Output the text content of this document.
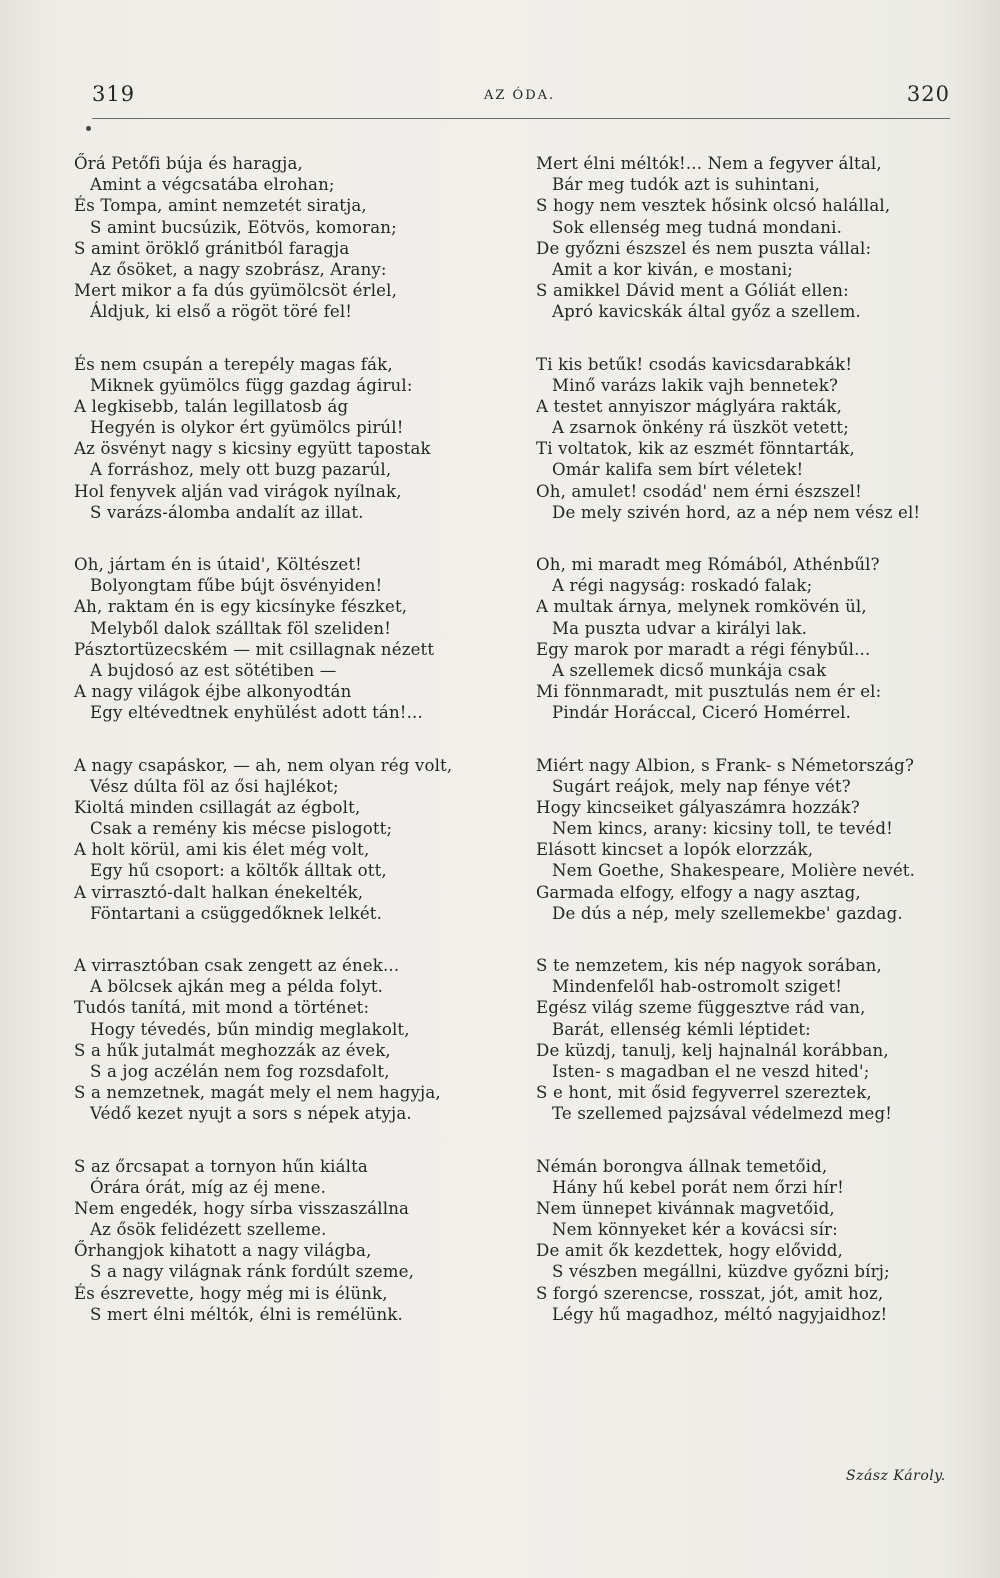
319	AZ ÓDA.	320
Őrá Petőfi búja és haragja,
Amint a végcsatába elrohan;
És Tompa, amint nemzetét siratja,
S amint bucsúzik, Eötvös, komoran;
S amint öröklő gránitból faragja
Az ősöket, a nagy szobrász, Arany:
Mert mikor a fa dús gyümölcsöt érlel,
Áldjuk, ki első a rögöt töré fel!
És nem csupán a terepély magas fák,
Miknek gyümölcs függ gazdag ágirul:
A legkisebb, talán legillatosb ág
Hegyén is olykor ért gyümölcs pirúl!
Az ösvényt nagy s kicsiny együtt tapostak
A forráshoz, mely ott buzg pazarúl,
Hol fenyvek alján vad virágok nyílnak,
S varázs-álomba andalít az illat.
Oh, jártam én is útaid', Költészet!
Bolyongtam fűbe bújt ösvényiden!
Ah, raktam én is egy kicsínyke fészket,
Melyből dalok szálltak föl szeliden!
Pásztortüzecském — mit csillagnak nézett
A bujdosó az est sötétiben —
A nagy világok éjbe alkonyodtán
Egy eltévedtnek enyhülést adott tán!...
A nagy csapáskor, — ah, nem olyan rég volt,
Vész dúlta föl az ősi hajlékot;
Kioltá minden csillagát az égbolt,
Csak a remény kis mécse pislogott;
A holt körül, ami kis élet még volt,
Egy hű csoport: a költők álltak ott,
A virrasztó-dalt halkan énekelték,
Föntartani a csüggedőknek lelkét.
A virrasztóban csak zengett az ének...
A bölcsek ajkán meg a példa folyt.
Tudós tanítá, mit mond a történet:
Hogy tévedés, bűn mindig meglakolt,
S a hűk jutalmát meghozzák az évek,
S a jog aczélán nem fog rozsdafolt,
S a nemzetnek, magát mely el nem hagyja,
Védő kezet nyujt a sors s népek atyja.
S az őrcsapat a tornyon hűn kiálta
Órára órát, míg az éj mene.
Nem engedék, hogy sírba visszaszállna
Az ősök felidézett szelleme.
Őrhangjok kihatott a nagy világba,
S a nagy világnak ránk fordúlt szeme,
És észrevette, hogy még mi is élünk,
S mert élni méltók, élni is remélünk.
Mert élni méltók!... Nem a fegyver által,
Bár meg tudók azt is suhintani,
S hogy nem vesztek hősink olcsó halállal,
Sok ellenség meg tudná mondani.
De győzni észszel és nem puszta vállal:
Amit a kor kiván, e mostani;
S amikkel Dávid ment a Góliát ellen:
Apró kavicskák által győz a szellem.
Ti kis betűk! csodás kavicsdarabkák!
Minő varázs lakik vajh bennetek?
A testet annyiszor máglyára rakták,
A zsarnok önkény rá üszköt vetett;
Ti voltatok, kik az eszmét fönntarták,
Omár kalifa sem bírt véletek!
Oh, amulet! csodád' nem érni észszel!
De mely szivén hord, az a nép nem vész el!
Oh, mi maradt meg Rómából, Athénbűl?
A régi nagyság: roskadó falak;
A multak árnya, melynek romkövén ül,
Ma puszta udvar a királyi lak.
Egy marok por maradt a régi fénybűl...
A szellemek dicső munkája csak
Mi fönnmaradt, mit pusztulás nem ér el:
Pindár Horáccal, Ciceró Homérrel.
Miért nagy Albion, s Frank- s Németország?
Sugárt reájok, mely nap fénye vét?
Hogy kincseiket gályaszámra hozzák?
Nem kincs, arany: kicsiny toll, te tevéd!
Elásott kincset a lopók elorzzák,
Nem Goethe, Shakespeare, Molière nevét.
Garmada elfogy, elfogy a nagy asztag,
De dús a nép, mely szellemekbe' gazdag.
S te nemzetem, kis nép nagyok sorában,
Mindenfelől hab-ostromolt sziget!
Egész világ szeme függesztve rád van,
Barát, ellenség kémli léptidet:
De küzdj, tanulj, kelj hajnalnál korábban,
Isten- s magadban el ne veszd hited';
S e hont, mit ősid fegyverrel szereztek,
Te szellemed pajzsával védelmezd meg!
Némán borongva állnak temetőid,
Hány hű kebel porát nem őrzi hír!
Nem ünnepet kivánnak magvetőid,
Nem könnyeket kér a kovácsi sír:
De amit ők kezdettek, hogy elővidd,
S vészben megállni, küzdve győzni bírj;
S forgó szerencse, rosszat, jót, amit hoz,
Légy hű magadhoz, méltó nagyjaidhoz!
Szász Károly.
